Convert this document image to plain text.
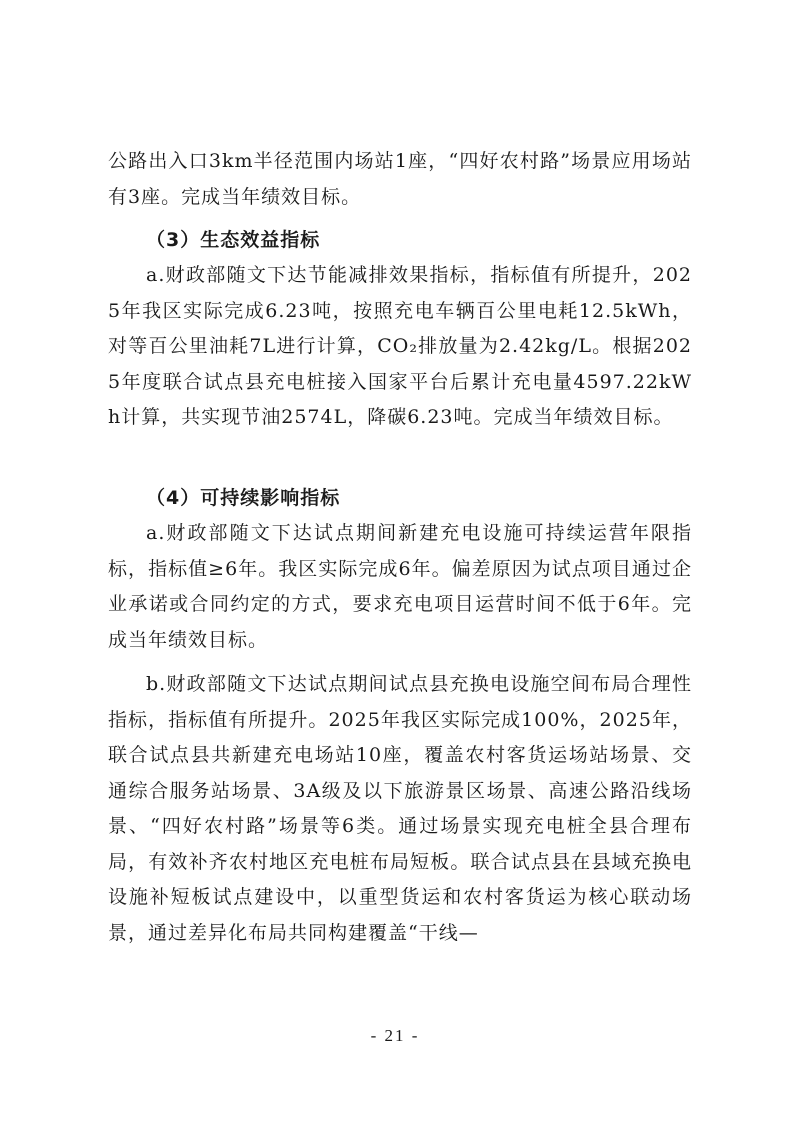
公路出入口3km半径范围内场站1座，“四好农村路”场景应用场站有3座。完成当年绩效目标。

（3）生态效益指标

a.财政部随文下达节能减排效果指标，指标值有所提升，2025年我区实际完成6.23吨，按照充电车辆百公里电耗12.5kWh，对等百公里油耗7L进行计算，CO₂排放量为2.42kg/L。根据2025年度联合试点县充电桩接入国家平台后累计充电量4597.22kWh计算，共实现节油2574L，降碳6.23吨。完成当年绩效目标。

（4）可持续影响指标

a.财政部随文下达试点期间新建充电设施可持续运营年限指标，指标值≥6年。我区实际完成6年。偏差原因为试点项目通过企业承诺或合同约定的方式，要求充电项目运营时间不低于6年。完成当年绩效目标。

b.财政部随文下达试点期间试点县充换电设施空间布局合理性指标，指标值有所提升。2025年我区实际完成100%，2025年，联合试点县共新建充电场站10座，覆盖农村客货运场站场景、交通综合服务站场景、3A级及以下旅游景区场景、高速公路沿线场景、“四好农村路”场景等6类。通过场景实现充电桩全县合理布局，有效补齐农村地区充电桩布局短板。联合试点县在县域充换电设施补短板试点建设中，以重型货运和农村客货运为核心联动场景，通过差异化布局共同构建覆盖“干线—

- 21 -
